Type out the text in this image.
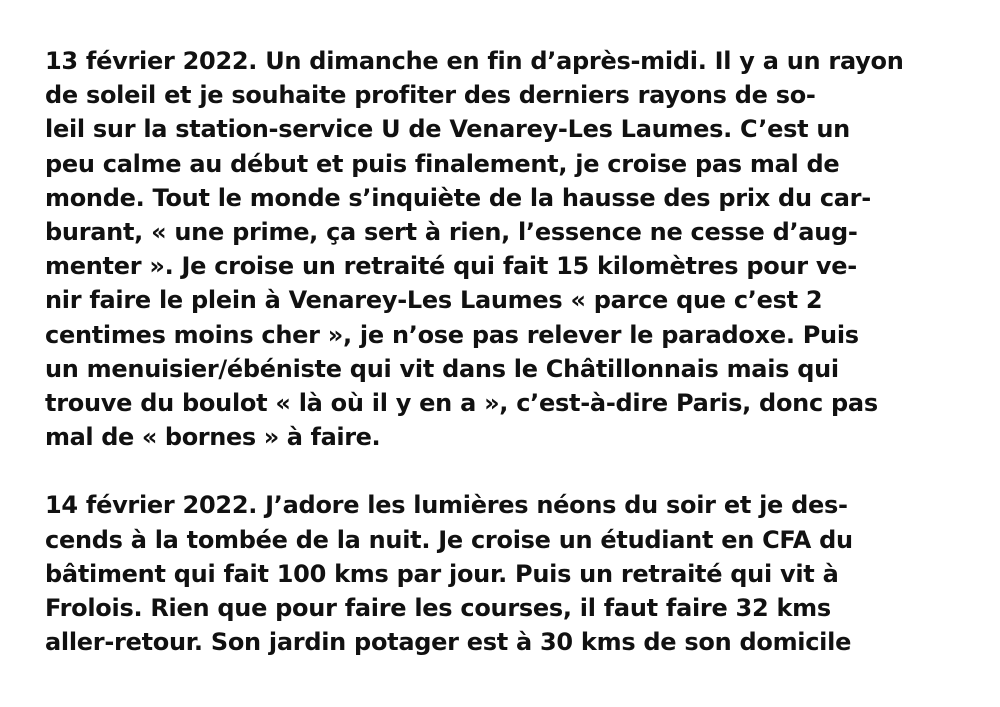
13 février 2022. Un dimanche en fin d’après-midi. Il y a un rayon
de soleil et je souhaite profiter des derniers rayons de so-
leil sur la station-service U de Venarey-Les Laumes. C’est un
peu calme au début et puis finalement, je croise pas mal de
monde. Tout le monde s’inquiète de la hausse des prix du car-
burant, « une prime, ça sert à rien, l’essence ne cesse d’aug-
menter ». Je croise un retraité qui fait 15 kilomètres pour ve-
nir faire le plein à Venarey-Les Laumes « parce que c’est 2
centimes moins cher », je n’ose pas relever le paradoxe. Puis
un menuisier/ébéniste qui vit dans le Châtillonnais mais qui
trouve du boulot « là où il y en a », c’est-à-dire Paris, donc pas
mal de « bornes » à faire.
14 février 2022. J’adore les lumières néons du soir et je des-
cends à la tombée de la nuit. Je croise un étudiant en CFA du
bâtiment qui fait 100 kms par jour. Puis un retraité qui vit à
Frolois. Rien que pour faire les courses, il faut faire 32 kms
aller-retour. Son jardin potager est à 30 kms de son domicile
